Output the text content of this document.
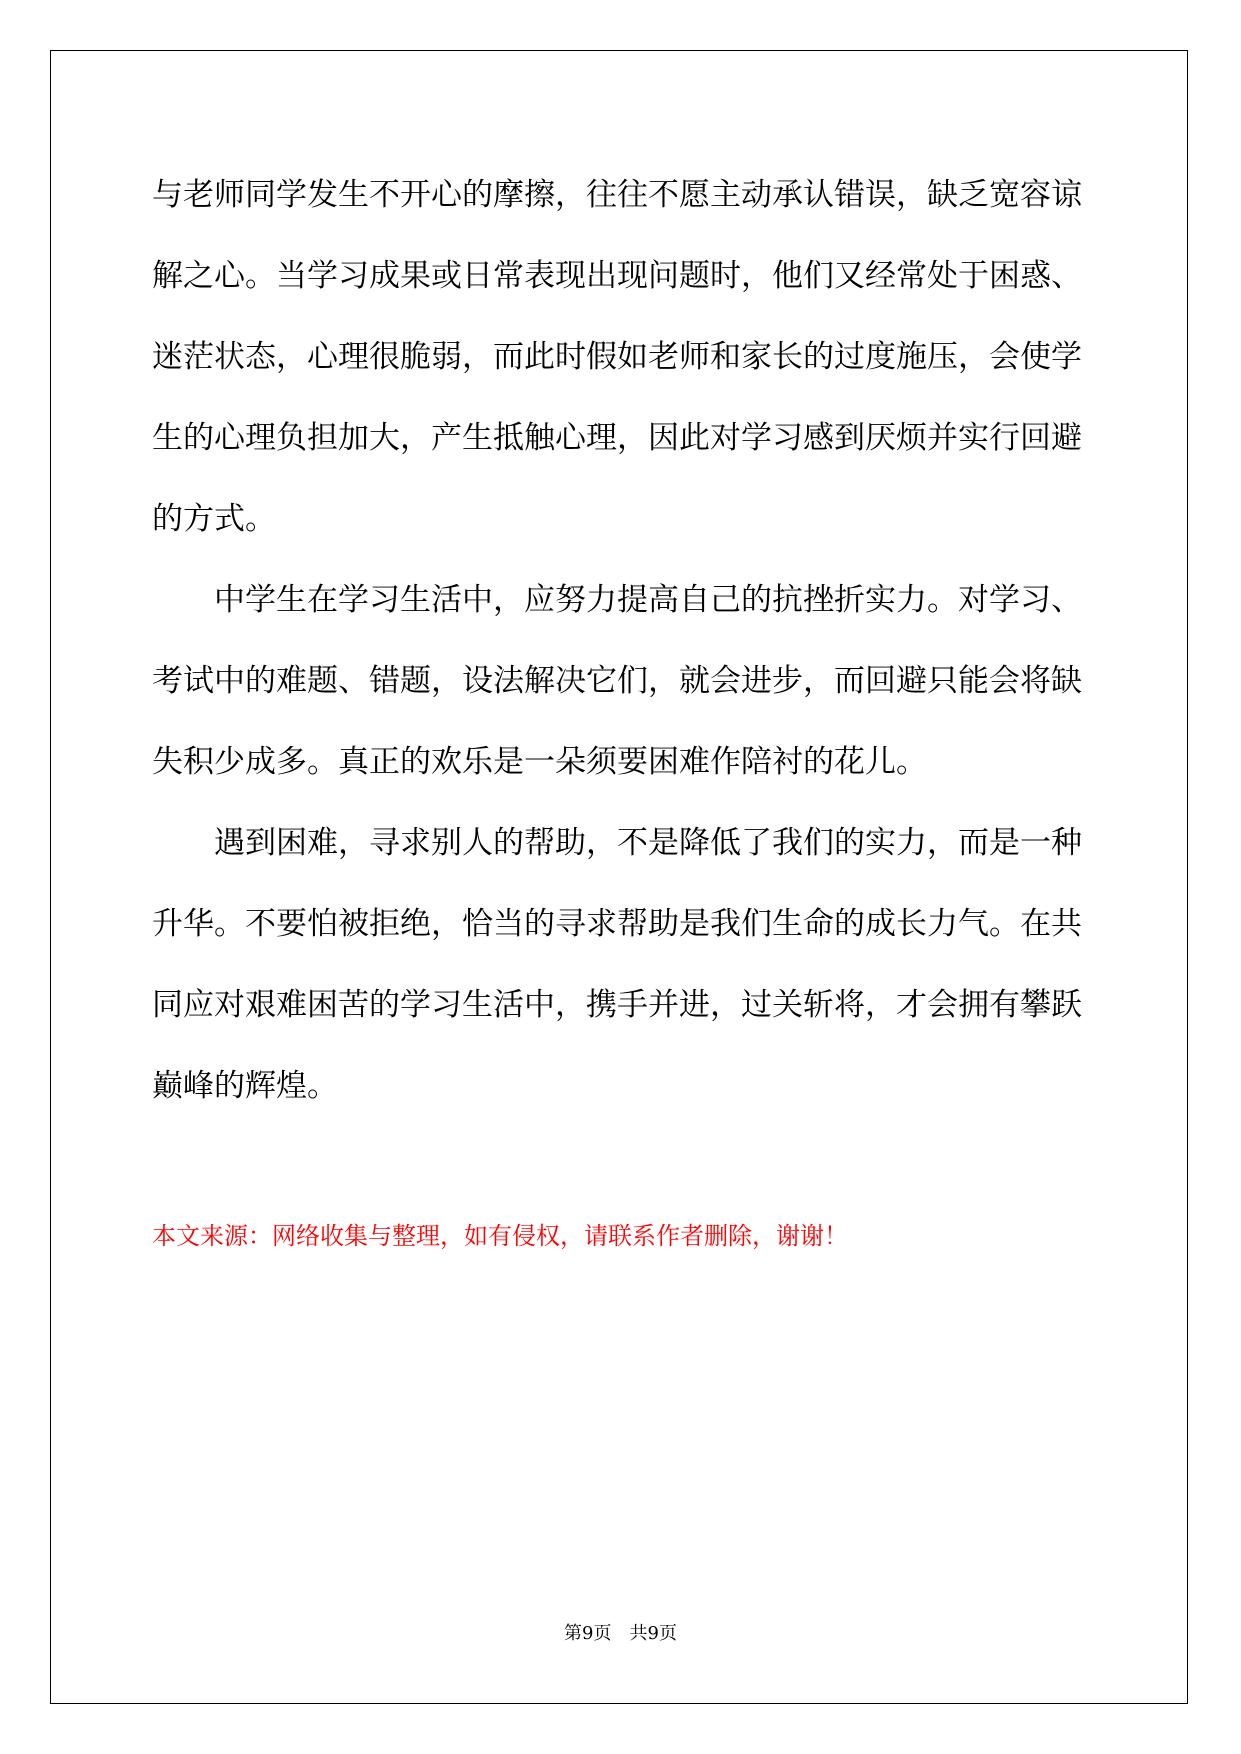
与老师同学发生不开心的摩擦，往往不愿主动承认错误，缺乏宽容谅
解之心。当学习成果或日常表现出现问题时，他们又经常处于困惑、
迷茫状态，心理很脆弱，而此时假如老师和家长的过度施压，会使学
生的心理负担加大，产生抵触心理，因此对学习感到厌烦并实行回避
的方式。
　　中学生在学习生活中，应努力提高自己的抗挫折实力。对学习、
考试中的难题、错题，设法解决它们，就会进步，而回避只能会将缺
失积少成多。真正的欢乐是一朵须要困难作陪衬的花儿。
　　遇到困难，寻求别人的帮助，不是降低了我们的实力，而是一种
升华。不要怕被拒绝，恰当的寻求帮助是我们生命的成长力气。在共
同应对艰难困苦的学习生活中，携手并进，过关斩将，才会拥有攀跃
巅峰的辉煌。
本文来源：网络收集与整理，如有侵权，请联系作者删除，谢谢！
第9页　共9页
